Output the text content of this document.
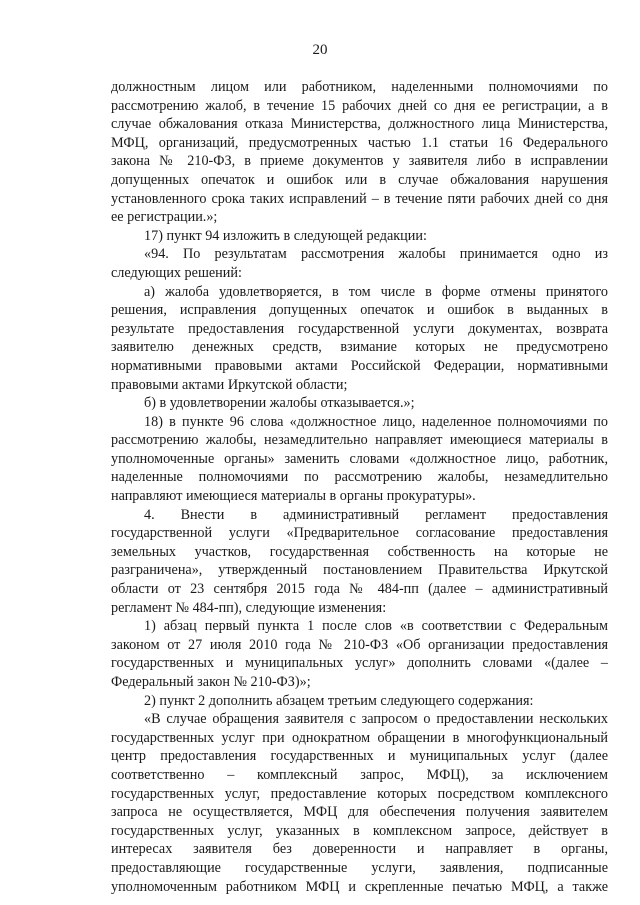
20
должностным лицом или работником, наделенными полномочиями по
рассмотрению жалоб, в течение 15 рабочих дней со дня ее регистрации, а в
случае обжалования отказа Министерства, должностного лица Министерства,
МФЦ, организаций, предусмотренных частью 1.1 статьи 16 Федерального
закона № 210-ФЗ, в приеме документов у заявителя либо в исправлении
допущенных опечаток и ошибок или в случае обжалования нарушения
установленного срока таких исправлений – в течение пяти рабочих дней со дня
ее регистрации.»;
17) пункт 94 изложить в следующей редакции:
«94. По результатам рассмотрения жалобы принимается одно из
следующих решений:
а) жалоба удовлетворяется, в том числе в форме отмены принятого
решения, исправления допущенных опечаток и ошибок в выданных в
результате предоставления государственной услуги документах, возврата
заявителю денежных средств, взимание которых не предусмотрено
нормативными правовыми актами Российской Федерации, нормативными
правовыми актами Иркутской области;
б) в удовлетворении жалобы отказывается.»;
18) в пункте 96 слова «должностное лицо, наделенное полномочиями по
рассмотрению жалобы, незамедлительно направляет имеющиеся материалы в
уполномоченные органы» заменить словами «должностное лицо, работник,
наделенные полномочиями по рассмотрению жалобы, незамедлительно
направляют имеющиеся материалы в органы прокуратуры».
4. Внести в административный регламент предоставления
государственной услуги «Предварительное согласование предоставления
земельных участков, государственная собственность на которые не
разграничена», утвержденный постановлением Правительства Иркутской
области от 23 сентября 2015 года № 484-пп (далее – административный
регламент № 484-пп), следующие изменения:
1) абзац первый пункта 1 после слов «в соответствии с Федеральным
законом от 27 июля 2010 года № 210-ФЗ «Об организации предоставления
государственных и муниципальных услуг» дополнить словами «(далее –
Федеральный закон № 210-ФЗ)»;
2) пункт 2 дополнить абзацем третьим следующего содержания:
«В случае обращения заявителя с запросом о предоставлении нескольких
государственных услуг при однократном обращении в многофункциональный
центр предоставления государственных и муниципальных услуг (далее
соответственно – комплексный запрос, МФЦ), за исключением
государственных услуг, предоставление которых посредством комплексного
запроса не осуществляется, МФЦ для обеспечения получения заявителем
государственных услуг, указанных в комплексном запросе, действует в
интересах заявителя без доверенности и направляет в органы,
предоставляющие государственные услуги, заявления, подписанные
уполномоченным работником МФЦ и скрепленные печатью МФЦ, а также
